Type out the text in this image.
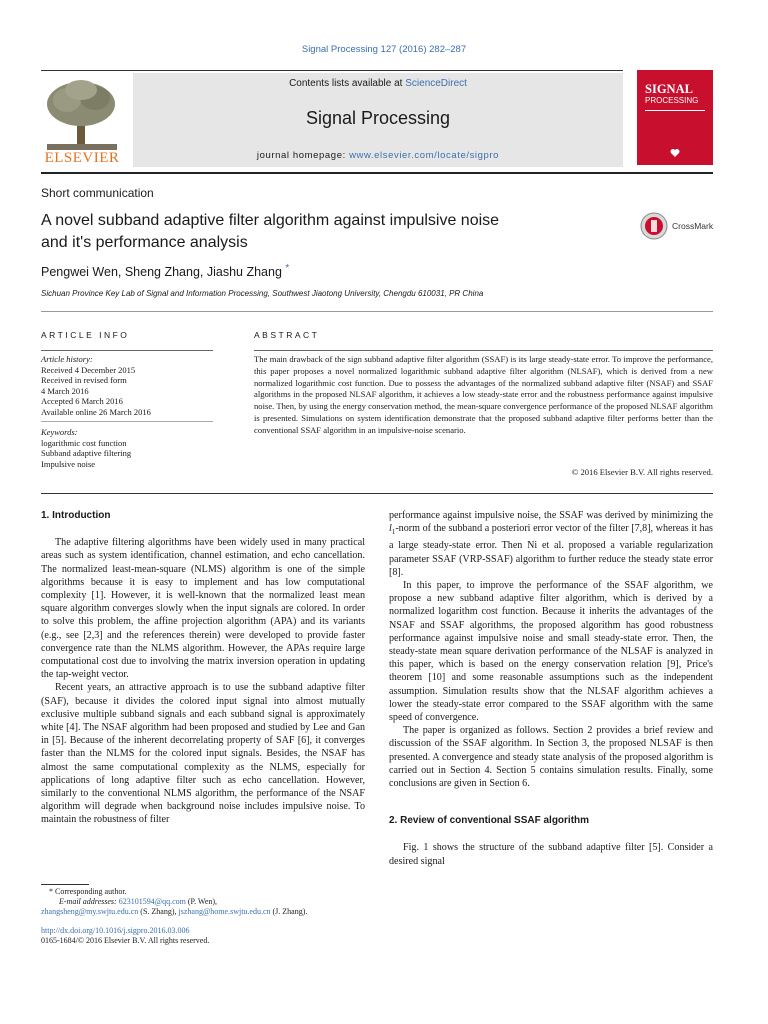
Signal Processing 127 (2016) 282–287
ELSEVIER
Contents lists available at ScienceDirect
Signal Processing
journal homepage: www.elsevier.com/locate/sigpro
SIGNAL
PROCESSING
Short communication
A novel subband adaptive filter algorithm against impulsive noise
and it's performance analysis
CrossMark
Pengwei Wen, Sheng Zhang, Jiashu Zhang *
Sichuan Province Key Lab of Signal and Information Processing, Southwest Jiaotong University, Chengdu 610031, PR China
ARTICLE INFO
Article history:
Received 4 December 2015
Received in revised form
4 March 2016
Accepted 6 March 2016
Available online 26 March 2016
Keywords:
logarithmic cost function
Subband adaptive filtering
Impulsive noise
ABSTRACT
The main drawback of the sign subband adaptive filter algorithm (SSAF) is its large steady-state error. To improve the performance, this paper proposes a novel normalized logarithmic subband adaptive filter algorithm (NLSAF), which is derived from a new normalized logarithmic cost function. Due to possess the advantages of the normalized subband adaptive filter (NSAF) and SSAF algorithms in the proposed NLSAF algorithm, it achieves a low steady-state error and the robustness performance against impulsive noise. Then, by using the energy conservation method, the mean-square convergence performance of the proposed NLSAF algorithm is presented. Simulations on system identification demonstrate that the proposed subband adaptive filter performs better than the conventional SSAF algorithm in an impulsive-noise scenario.
© 2016 Elsevier B.V. All rights reserved.
1. Introduction

The adaptive filtering algorithms have been widely used in many practical areas such as system identification, channel estimation, and echo cancellation. The normalized least-mean-square (NLMS) algorithm is one of the simple algorithms because it is easy to implement and has low computational complexity [1]. However, it is well-known that the normalized least mean square algorithm converges slowly when the input signals are colored. In order to solve this problem, the affine projection algorithm (APA) and its variants (e.g., see [2,3] and the references therein) were developed to provide faster convergence rate than the NLMS algorithm. However, the APAs require large computational cost due to involving the matrix inversion operation in updating the tap-weight vector.

Recent years, an attractive approach is to use the subband adaptive filter (SAF), because it divides the colored input signal into almost mutually exclusive multiple subband signals and each subband signal is approximately white [4]. The NSAF algorithm had been proposed and studied by Lee and Gan in [5]. Because of the inherent decorrelating property of SAF [6], it converges faster than the NLMS for the colored input signals. Besides, the NSAF has almost the same computational complexity as the NLMS, especially for applications of long adaptive filter such as echo cancellation. However, similarly to the conventional NLMS algorithm, the performance of the NSAF algorithm will degrade when background noise includes impulsive noise. To maintain the robustness of filter

performance against impulsive noise, the SSAF was derived by minimizing the $l_1$-norm of the subband a posteriori error vector of the filter [7,8], whereas it has a large steady-state error. Then Ni et al. proposed a variable regularization parameter SSAF (VRP-SSAF) algorithm to further reduce the steady state error [8].

In this paper, to improve the performance of the SSAF algorithm, we propose a new subband adaptive filter algorithm, which is derived by a normalized logarithm cost function. Because it inherits the advantages of the NSAF and SSAF algorithms, the proposed algorithm has good robustness performance against impulsive noise and small steady-state error. Then, the steady-state mean square derivation performance of the NLSAF is analyzed in this paper, which is based on the energy conservation relation [9], Price's theorem [10] and some reasonable assumptions such as the independent assumption. Simulation results show that the NLSAF algorithm achieves a lower the steady-state error compared to the SSAF algorithm with the same speed of convergence.

The paper is organized as follows. Section 2 provides a brief review and discussion of the SSAF algorithm. In Section 3, the proposed NLSAF is then presented. A convergence and steady state analysis of the proposed algorithm is carried out in Section 4. Section 5 contains simulation results. Finally, some conclusions are given in Section 6.

2. Review of conventional SSAF algorithm

Fig. 1 shows the structure of the subband adaptive filter [5]. Consider a desired signal

* Corresponding author.
E-mail addresses: 623101594@qq.com (P. Wen),
zhangsheng@my.swjtu.edu.cn (S. Zhang), jszhang@home.swjtu.edu.cn (J. Zhang).
http://dx.doi.org/10.1016/j.sigpro.2016.03.006
0165-1684/© 2016 Elsevier B.V. All rights reserved.
